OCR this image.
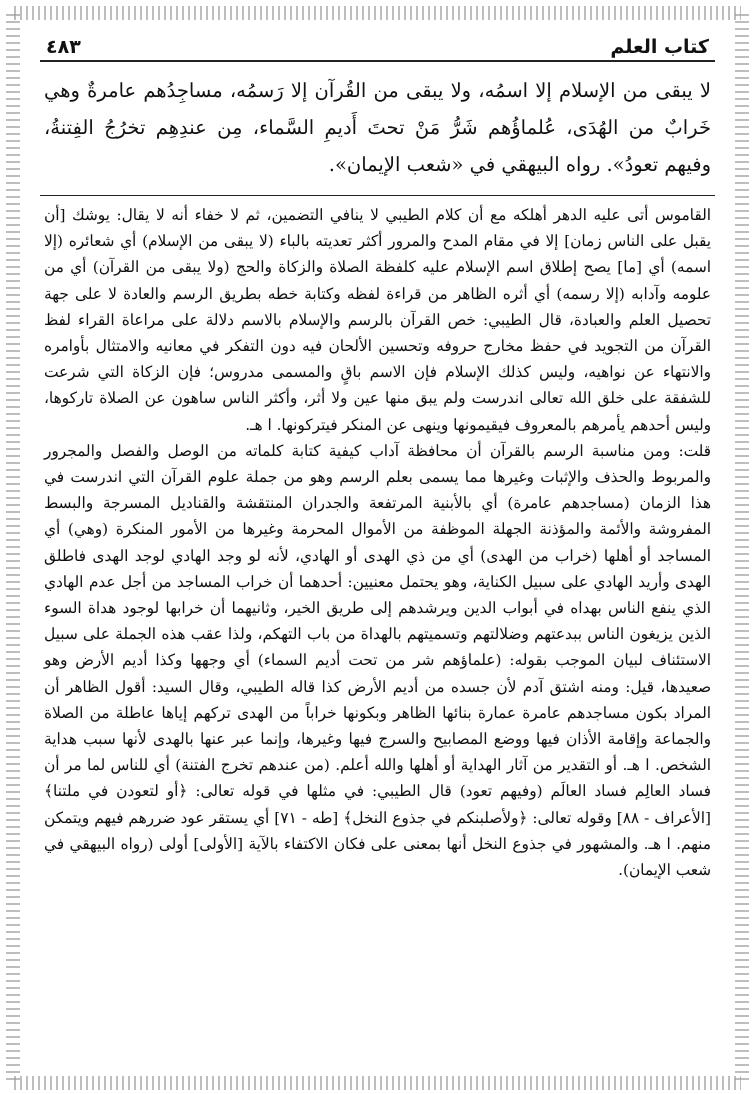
كتاب العلم
٤٨٣
لا يبقى من الإسلام إلا اسمُه، ولا يبقى من القُرآن إلا رَسمُه، مساجِدُهم عامرةٌ وهي خَرابٌ من الهُدَى، عُلماؤُهم شَرُّ مَنْ تحتَ أَديمِ السَّماء، مِن عندِهِم تخرُجُ الفِتنةُ، وفيهم تعودُ». رواه البيهقي في «شعب الإيمان».

القاموس أتى عليه الدهر أهلكه مع أن كلام الطيبي لا ينافي التضمين، ثم لا خفاء أنه لا يقال: يوشك [أن يقبل على الناس زمان] إلا في مقام المدح والمرور أكثر تعديته بالباء (لا يبقى من الإسلام) أي شعائره (إلا اسمه) أي [ما] يصح إطلاق اسم الإسلام عليه كلفظة الصلاة والزكاة والحج (ولا يبقى من القرآن) أي من علومه وآدابه (إلا رسمه) أي أثره الظاهر من قراءة لفظه وكتابة خطه بطريق الرسم والعادة لا على جهة تحصيل العلم والعبادة، قال الطيبي: خص القرآن بالرسم والإسلام بالاسم دلالة على مراعاة القراء لفظ القرآن من التجويد في حفظ مخارج حروفه وتحسين الألحان فيه دون التفكر في معانيه والامتثال بأوامره والانتهاء عن نواهيه، وليس كذلك الإسلام فإن الاسم باقٍ والمسمى مدروس؛ فإن الزكاة التي شرعت للشفقة على خلق الله تعالى اندرست ولم يبق منها عين ولا أثر، وأكثر الناس ساهون عن الصلاة تاركوها، وليس أحدهم يأمرهم بالمعروف فيقيمونها وينهى عن المنكر فيتركونها. ا هـ.

قلت: ومن مناسبة الرسم بالقرآن أن محافظة آداب كيفية كتابة كلماته من الوصل والفصل والمجرور والمربوط والحذف والإثبات وغيرها مما يسمى بعلم الرسم وهو من جملة علوم القرآن التي اندرست في هذا الزمان (مساجدهم عامرة) أي بالأبنية المرتفعة والجدران المنتقشة والقناديل المسرجة والبسط المفروشة والأئمة والمؤذنة الجهلة الموظفة من الأموال المحرمة وغيرها من الأمور المنكرة (وهي) أي المساجد أو أهلها (خراب من الهدى) أي من ذي الهدى أو الهادي، لأنه لو وجد الهادي لوجد الهدى فاطلق الهدى وأريد الهادي على سبيل الكناية، وهو يحتمل معنيين: أحدهما أن خراب المساجد من أجل عدم الهادي الذي ينفع الناس بهداه في أبواب الدين ويرشدهم إلى طريق الخير، وثانيهما أن خرابها لوجود هداة السوء الذين يزيغون الناس ببدعتهم وضلالتهم وتسميتهم بالهداة من باب التهكم، ولذا عقب هذه الجملة على سبيل الاستئناف لبيان الموجب بقوله: (علماؤهم شر من تحت أديم السماء) أي وجهها وكذا أديم الأرض وهو صعيدها، قيل: ومنه اشتق آدم لأن جسده من أديم الأرض كذا قاله الطيبي، وقال السيد: أقول الظاهر أن المراد بكون مساجدهم عامرة عمارة بنائها الظاهر وبكونها خراباً من الهدى تركهم إياها عاطلة من الصلاة والجماعة وإقامة الأذان فيها ووضع المصابيح والسرج فيها وغيرها، وإنما عبر عنها بالهدى لأنها سبب هداية الشخص. ا هـ. أو التقدير من آثار الهداية أو أهلها والله أعلم. (من عندهم تخرج الفتنة) أي للناس لما مر أن فساد العالِم فساد العالَم (وفيهم تعود) قال الطيبي: في مثلها في قوله تعالى: ﴿أو لتعودن في ملتنا﴾ [الأعراف - ٨٨] وقوله تعالى: ﴿ولأصلبنكم في جذوع النخل﴾ [طه - ٧١] أي يستقر عود ضررهم فيهم ويتمكن منهم. ا هـ. والمشهور في جذوع النخل أنها بمعنى على فكان الاكتفاء بالآية [الأولى] أولى (رواه البيهقي في شعب الإيمان).
